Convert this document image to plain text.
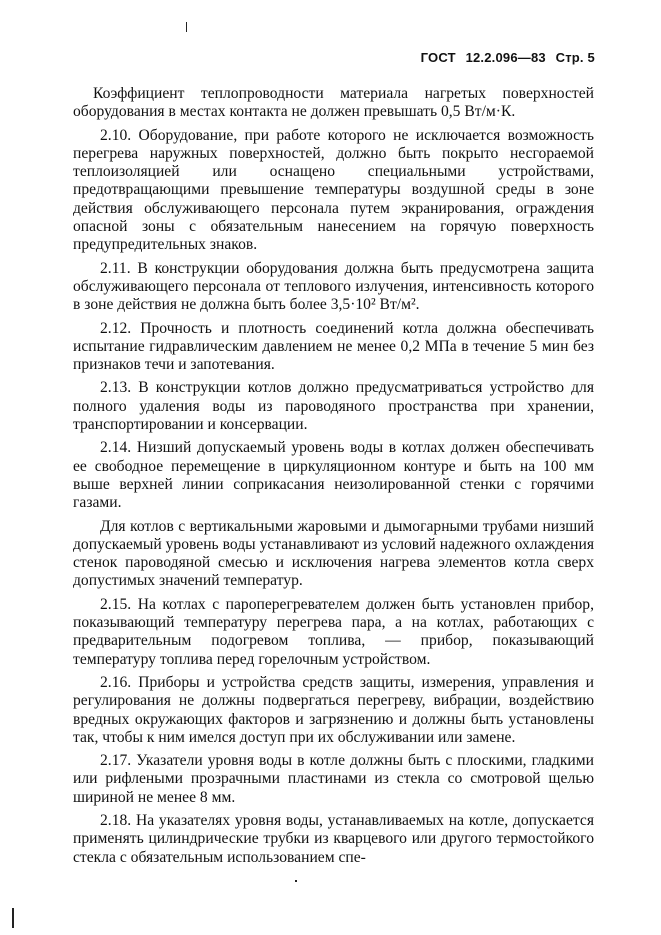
ГОСТ 12.2.096—83 Стр. 5

Коэффициент теплопроводности материала нагретых поверхностей оборудования в местах контакта не должен превышать 0,5 Вт/м·К.

2.10. Оборудование, при работе которого не исключается возможность перегрева наружных поверхностей, должно быть покрыто несгораемой теплоизоляцией или оснащено специальными устройствами, предотвращающими превышение температуры воздушной среды в зоне действия обслуживающего персонала путем экранирования, ограждения опасной зоны с обязательным нанесением на горячую поверхность предупредительных знаков.

2.11. В конструкции оборудования должна быть предусмотрена защита обслуживающего персонала от теплового излучения, интенсивность которого в зоне действия не должна быть более 3,5·10² Вт/м².

2.12. Прочность и плотность соединений котла должна обеспечивать испытание гидравлическим давлением не менее 0,2 МПа в течение 5 мин без признаков течи и запотевания.

2.13. В конструкции котлов должно предусматриваться устройство для полного удаления воды из пароводяного пространства при хранении, транспортировании и консервации.

2.14. Низший допускаемый уровень воды в котлах должен обеспечивать ее свободное перемещение в циркуляционном контуре и быть на 100 мм выше верхней линии соприкасания неизолированной стенки с горячими газами.

Для котлов с вертикальными жаровыми и дымогарными трубами низший допускаемый уровень воды устанавливают из условий надежного охлаждения стенок пароводяной смесью и исключения нагрева элементов котла сверх допустимых значений температур.

2.15. На котлах с пароперегревателем должен быть установлен прибор, показывающий температуру перегрева пара, а на котлах, работающих с предварительным подогревом топлива, — прибор, показывающий температуру топлива перед горелочным устройством.

2.16. Приборы и устройства средств защиты, измерения, управления и регулирования не должны подвергаться перегреву, вибрации, воздействию вредных окружающих факторов и загрязнению и должны быть установлены так, чтобы к ним имелся доступ при их обслуживании или замене.

2.17. Указатели уровня воды в котле должны быть с плоскими, гладкими или рифлеными прозрачными пластинами из стекла со смотровой щелью шириной не менее 8 мм.

2.18. На указателях уровня воды, устанавливаемых на котле, допускается применять цилиндрические трубки из кварцевого или другого термостойкого стекла с обязательным использованием спе-
